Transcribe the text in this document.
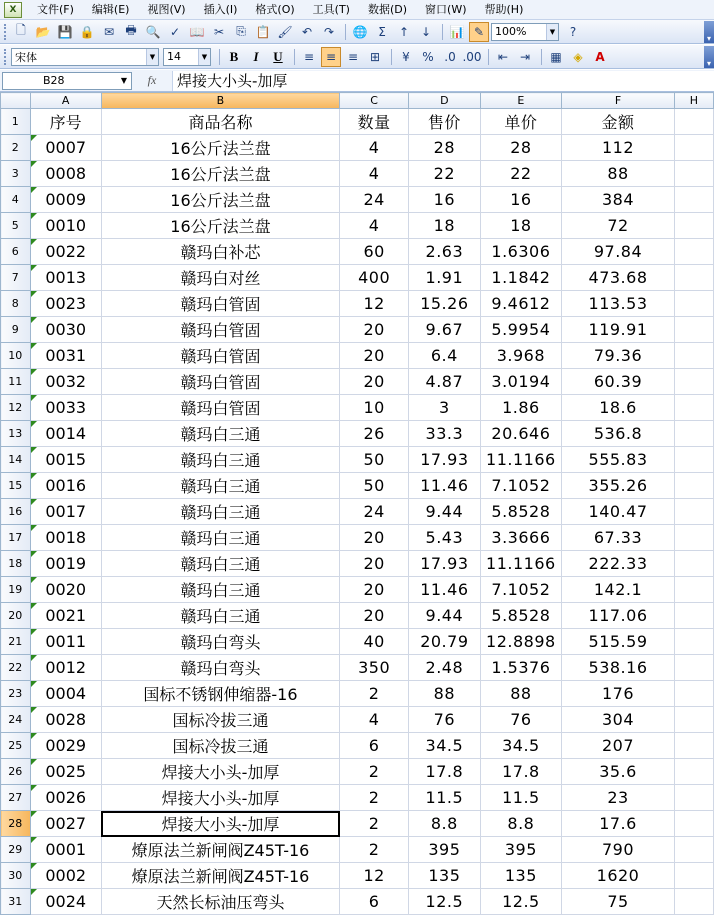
X	文件(F)	编辑(E)	视图(V)	插入(I)	格式(O)	工具(T)	数据(D)	窗口(W)	帮助(H)
🗋 📂 💾 🔒 ✉ 🖶 🔍 ✓ 📖 ✂	⎘ 📋 🖌 ↶ ↷	🌐 Σ	↑ ↓	📊 ✎ 100%	▼	?	▾
宋体	▼ 14	▼	B	I	U	≡ ≡ ≡ ⊞	¥	% .0 .00	⇤ ⇥	▦ ◈	A	▾
B28	▼	fx	焊接大小头-加厚
	A	B	C	D	E	F	H
1	序号	商品名称	数量	售价	单价	金额	
2	0007	16公斤法兰盘	4	28	28	112	
3	0008	16公斤法兰盘	4	22	22	88	
4	0009	16公斤法兰盘	24	16	16	384	
5	0010	16公斤法兰盘	4	18	18	72	
6	0022	赣玛白补芯	60	2.63	1.6306	97.84	
7	0013	赣玛白对丝	400	1.91	1.1842	473.68	
8	0023	赣玛白管固	12	15.26	9.4612	113.53	
9	0030	赣玛白管固	20	9.67	5.9954	119.91	
10	0031	赣玛白管固	20	6.4	3.968	79.36	
11	0032	赣玛白管固	20	4.87	3.0194	60.39	
12	0033	赣玛白管固	10	3	1.86	18.6	
13	0014	赣玛白三通	26	33.3	20.646	536.8	
14	0015	赣玛白三通	50	17.93	11.1166	555.83	
15	0016	赣玛白三通	50	11.46	7.1052	355.26	
16	0017	赣玛白三通	24	9.44	5.8528	140.47	
17	0018	赣玛白三通	20	5.43	3.3666	67.33	
18	0019	赣玛白三通	20	17.93	11.1166	222.33	
19	0020	赣玛白三通	20	11.46	7.1052	142.1	
20	0021	赣玛白三通	20	9.44	5.8528	117.06	
21	0011	赣玛白弯头	40	20.79	12.8898	515.59	
22	0012	赣玛白弯头	350	2.48	1.5376	538.16	
23	0004	国标不锈钢伸缩器-16	2	88	88	176	
24	0028	国标冷拔三通	4	76	76	304	
25	0029	国标冷拔三通	6	34.5	34.5	207	
26	0025	焊接大小头-加厚	2	17.8	17.8	35.6	
27	0026	焊接大小头-加厚	2	11.5	11.5	23	
28	0027	焊接大小头-加厚	2	8.8	8.8	17.6	
29	0001	燎原法兰新闸阀Z45T-16	2	395	395	790	
30	0002	燎原法兰新闸阀Z45T-16	12	135	135	1620	
31	0024	天然长标油压弯头	6	12.5	12.5	75	
